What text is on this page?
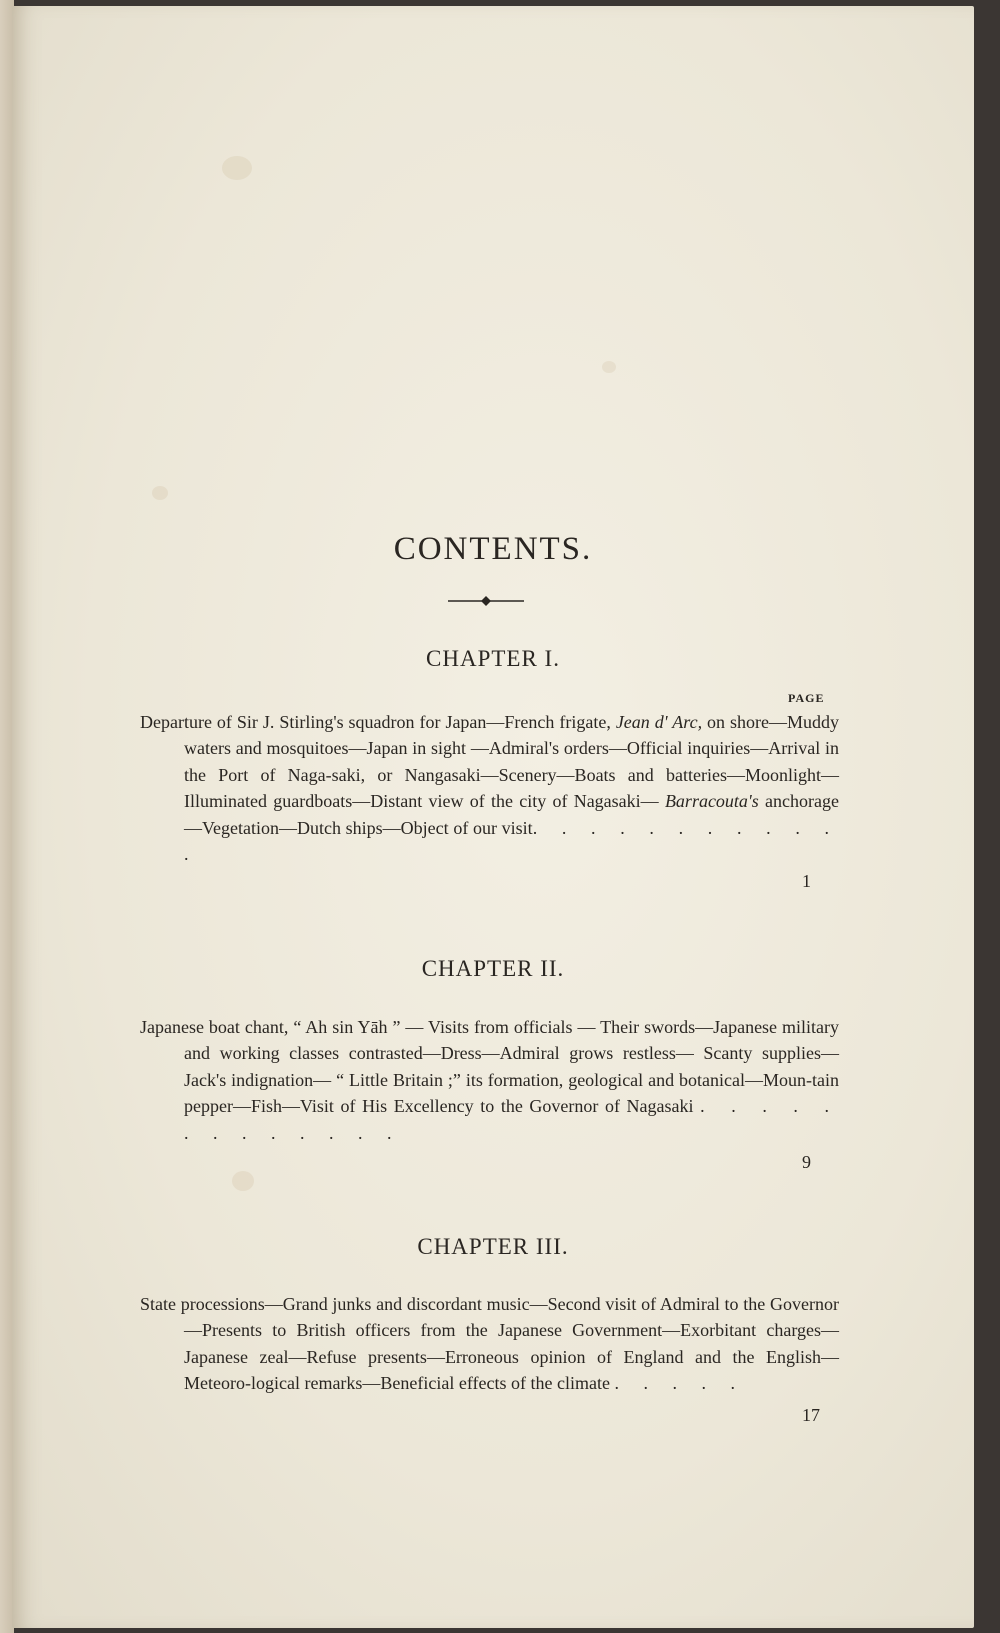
CONTENTS.
CHAPTER I.
PAGE

Departure of Sir J. Stirling's squadron for Japan—French frigate, Jean d' Arc, on shore—Muddy waters and mosquitoes—Japan in sight —Admiral's orders—Official inquiries—Arrival in the Port of Naga-saki, or Nangasaki—Scenery—Boats and batteries—Moonlight—Illuminated guardboats—Distant view of the city of Nagasaki— Barracouta's anchorage—Vegetation—Dutch ships—Object of our visit. . . . . . . . . . . .

1
CHAPTER II.

Japanese boat chant, “ Ah sin Yāh ” — Visits from officials — Their swords—Japanese military and working classes contrasted—Dress—Admiral grows restless— Scanty supplies—Jack's indignation— “ Little Britain ;” its formation, geological and botanical—Moun-tain pepper—Fish—Visit of His Excellency to the Governor of Nagasaki . . . . . . . . . . . . .

9
CHAPTER III.

State processions—Grand junks and discordant music—Second visit of Admiral to the Governor—Presents to British officers from the Japanese Government—Exorbitant charges—Japanese zeal—Refuse presents—Erroneous opinion of England and the English—Meteoro-logical remarks—Beneficial effects of the climate . . . . .

17
